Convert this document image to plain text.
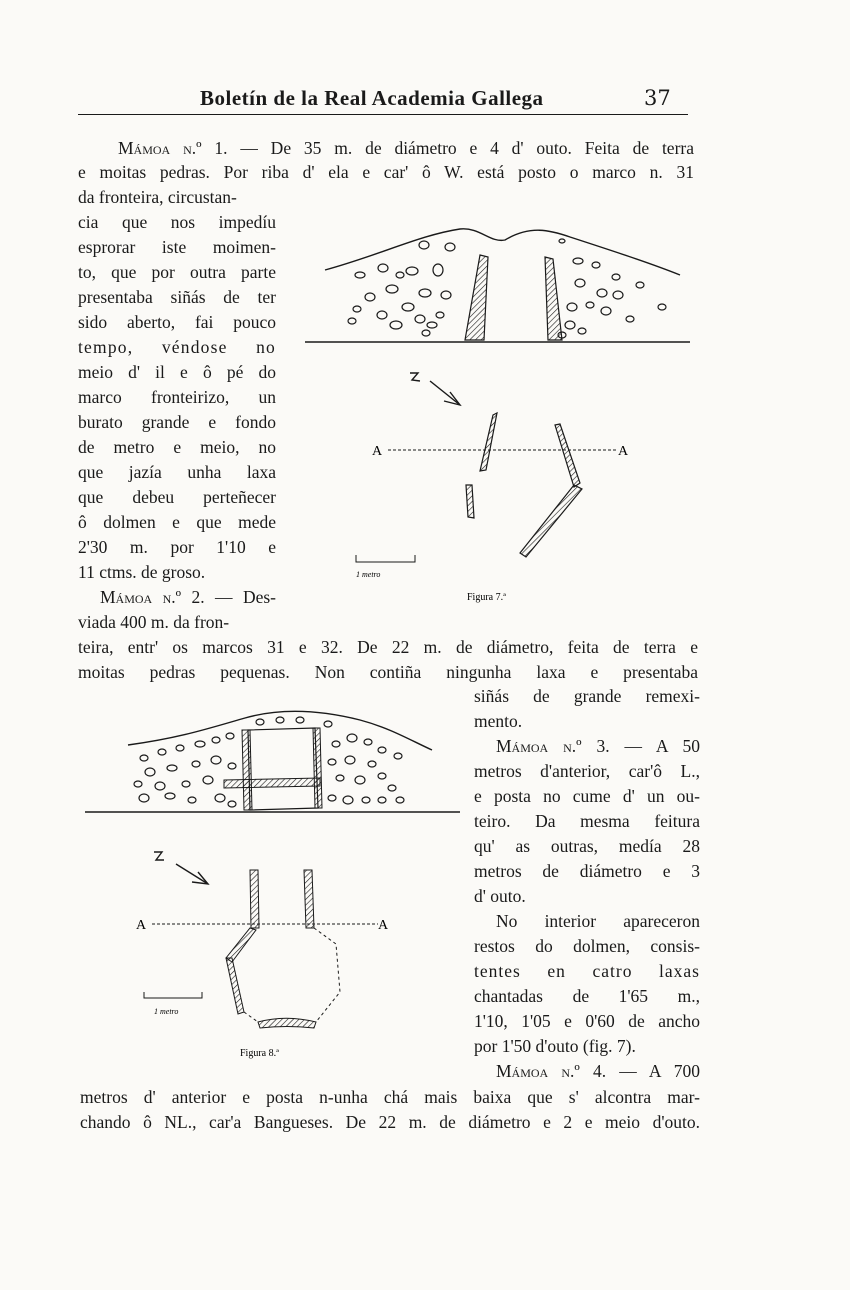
Boletín de la Real Academia Gallega	37
Mámoa n.º 1. — De 35 m. de diámetro e 4 d' outo. Feita de terra
e moitas pedras. Por riba d' ela e car' ô W. está posto o marco n. 31
da fronteira, circustan-
cia que nos impedíu
esprorar iste moimen-
to, que por outra parte
presentaba siñás de ter
sido aberto, fai pouco
tempo, véndose no
meio d' il e ô pé do
marco fronteirizo, un
burato grande e fondo
de metro e meio, no
que jazía unha laxa
que debeu perteñecer
ô dolmen e que mede
2'30 m. por 1'10 e
11 ctms. de groso.
Mámoa n.º 2. — Des-
viada 400 m. da fron-
teira, entr' os marcos 31 e 32. De 22 m. de diámetro, feita de terra e
moitas pedras pequenas. Non contiña ningunha laxa e presentaba
siñás de grande remexi-
mento.
Mámoa n.º 3. — A 50
metros d'anterior, car'ô L.,
e posta no cume d' un ou-
teiro. Da mesma feitura
qu' as outras, medía 28
metros de diámetro e 3
d' outo.
No interior apareceron
restos do dolmen, consis-
tentes en catro laxas
chantadas de 1'65 m.,
1'10, 1'05 e 0'60 de ancho
por 1'50 d'outo (fig. 7).
Mámoa n.º 4. — A 700
metros d' anterior e posta n-unha chá mais baixa que s' alcontra mar-
chando ô NL., car'a Bangueses. De 22 m. de diámetro e 2 e meio d'outo.
A	A
1 metro
Figura 7.ª
A	A
1 metro
Figura 8.ª
